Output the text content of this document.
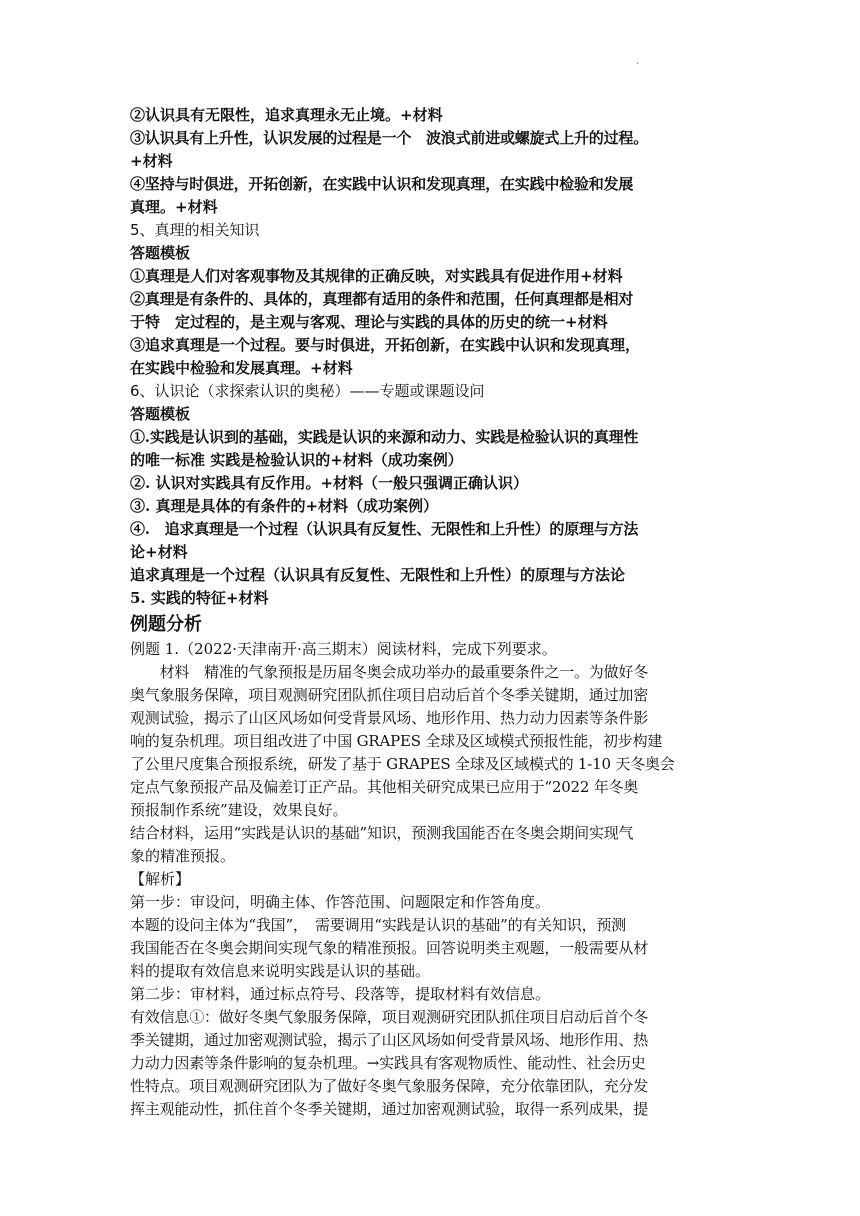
.
②认识具有无限性，追求真理永无止境。+材料
③认识具有上升性，认识发展的过程是一个　波浪式前进或螺旋式上升的过程。
+材料
④坚持与时俱进，开拓创新，在实践中认识和发现真理，在实践中检验和发展
真理。+材料
5、真理的相关知识
答题模板
①真理是人们对客观事物及其规律的正确反映，对实践具有促进作用+材料
②真理是有条件的、具体的，真理都有适用的条件和范围，任何真理都是相对
于特　定过程的，是主观与客观、理论与实践的具体的历史的统一+材料
③追求真理是一个过程。要与时俱进，开拓创新，在实践中认识和发现真理，
在实践中检验和发展真理。+材料
6、认识论（求探索认识的奥秘）——专题或课题设问
答题模板
①.实践是认识到的基础，实践是认识的来源和动力、实践是检验认识的真理性
的唯一标准 实践是检验认识的+材料（成功案例）
②. 认识对实践具有反作用。+材料（一般只强调正确认识）
③. 真理是具体的有条件的+材料（成功案例）
④.　追求真理是一个过程（认识具有反复性、无限性和上升性）的原理与方法
论+材料
追求真理是一个过程（认识具有反复性、无限性和上升性）的原理与方法论
5. 实践的特征+材料
例题分析
例题 1.（2022·天津南开·高三期末）阅读材料，完成下列要求。
　　材料　精准的气象预报是历届冬奥会成功举办的最重要条件之一。为做好冬
奥气象服务保障，项目观测研究团队抓住项目启动后首个冬季关键期，通过加密
观测试验，揭示了山区风场如何受背景风场、地形作用、热力动力因素等条件影
响的复杂机理。项目组改进了中国 GRAPES 全球及区域模式预报性能，初步构建
了公里尺度集合预报系统，研发了基于 GRAPES 全球及区域模式的 1-10 天冬奥会
定点气象预报产品及偏差订正产品。其他相关研究成果已应用于“2022 年冬奥
预报制作系统”建设，效果良好。
结合材料，运用“实践是认识的基础”知识，预测我国能否在冬奥会期间实现气
象的精准预报。
【解析】
第一步：审设问，明确主体、作答范围、问题限定和作答角度。
本题的设问主体为“我国”，　需要调用“实践是认识的基础”的有关知识，预测
我国能否在冬奥会期间实现气象的精准预报。回答说明类主观题，一般需要从材
料的提取有效信息来说明实践是认识的基础。
第二步：审材料，通过标点符号、段落等，提取材料有效信息。
有效信息①：做好冬奥气象服务保障，项目观测研究团队抓住项目启动后首个冬
季关键期，通过加密观测试验，揭示了山区风场如何受背景风场、地形作用、热
力动力因素等条件影响的复杂机理。→实践具有客观物质性、能动性、社会历史
性特点。项目观测研究团队为了做好冬奥气象服务保障，充分依靠团队，充分发
挥主观能动性，抓住首个冬季关键期，通过加密观测试验，取得一系列成果，提
